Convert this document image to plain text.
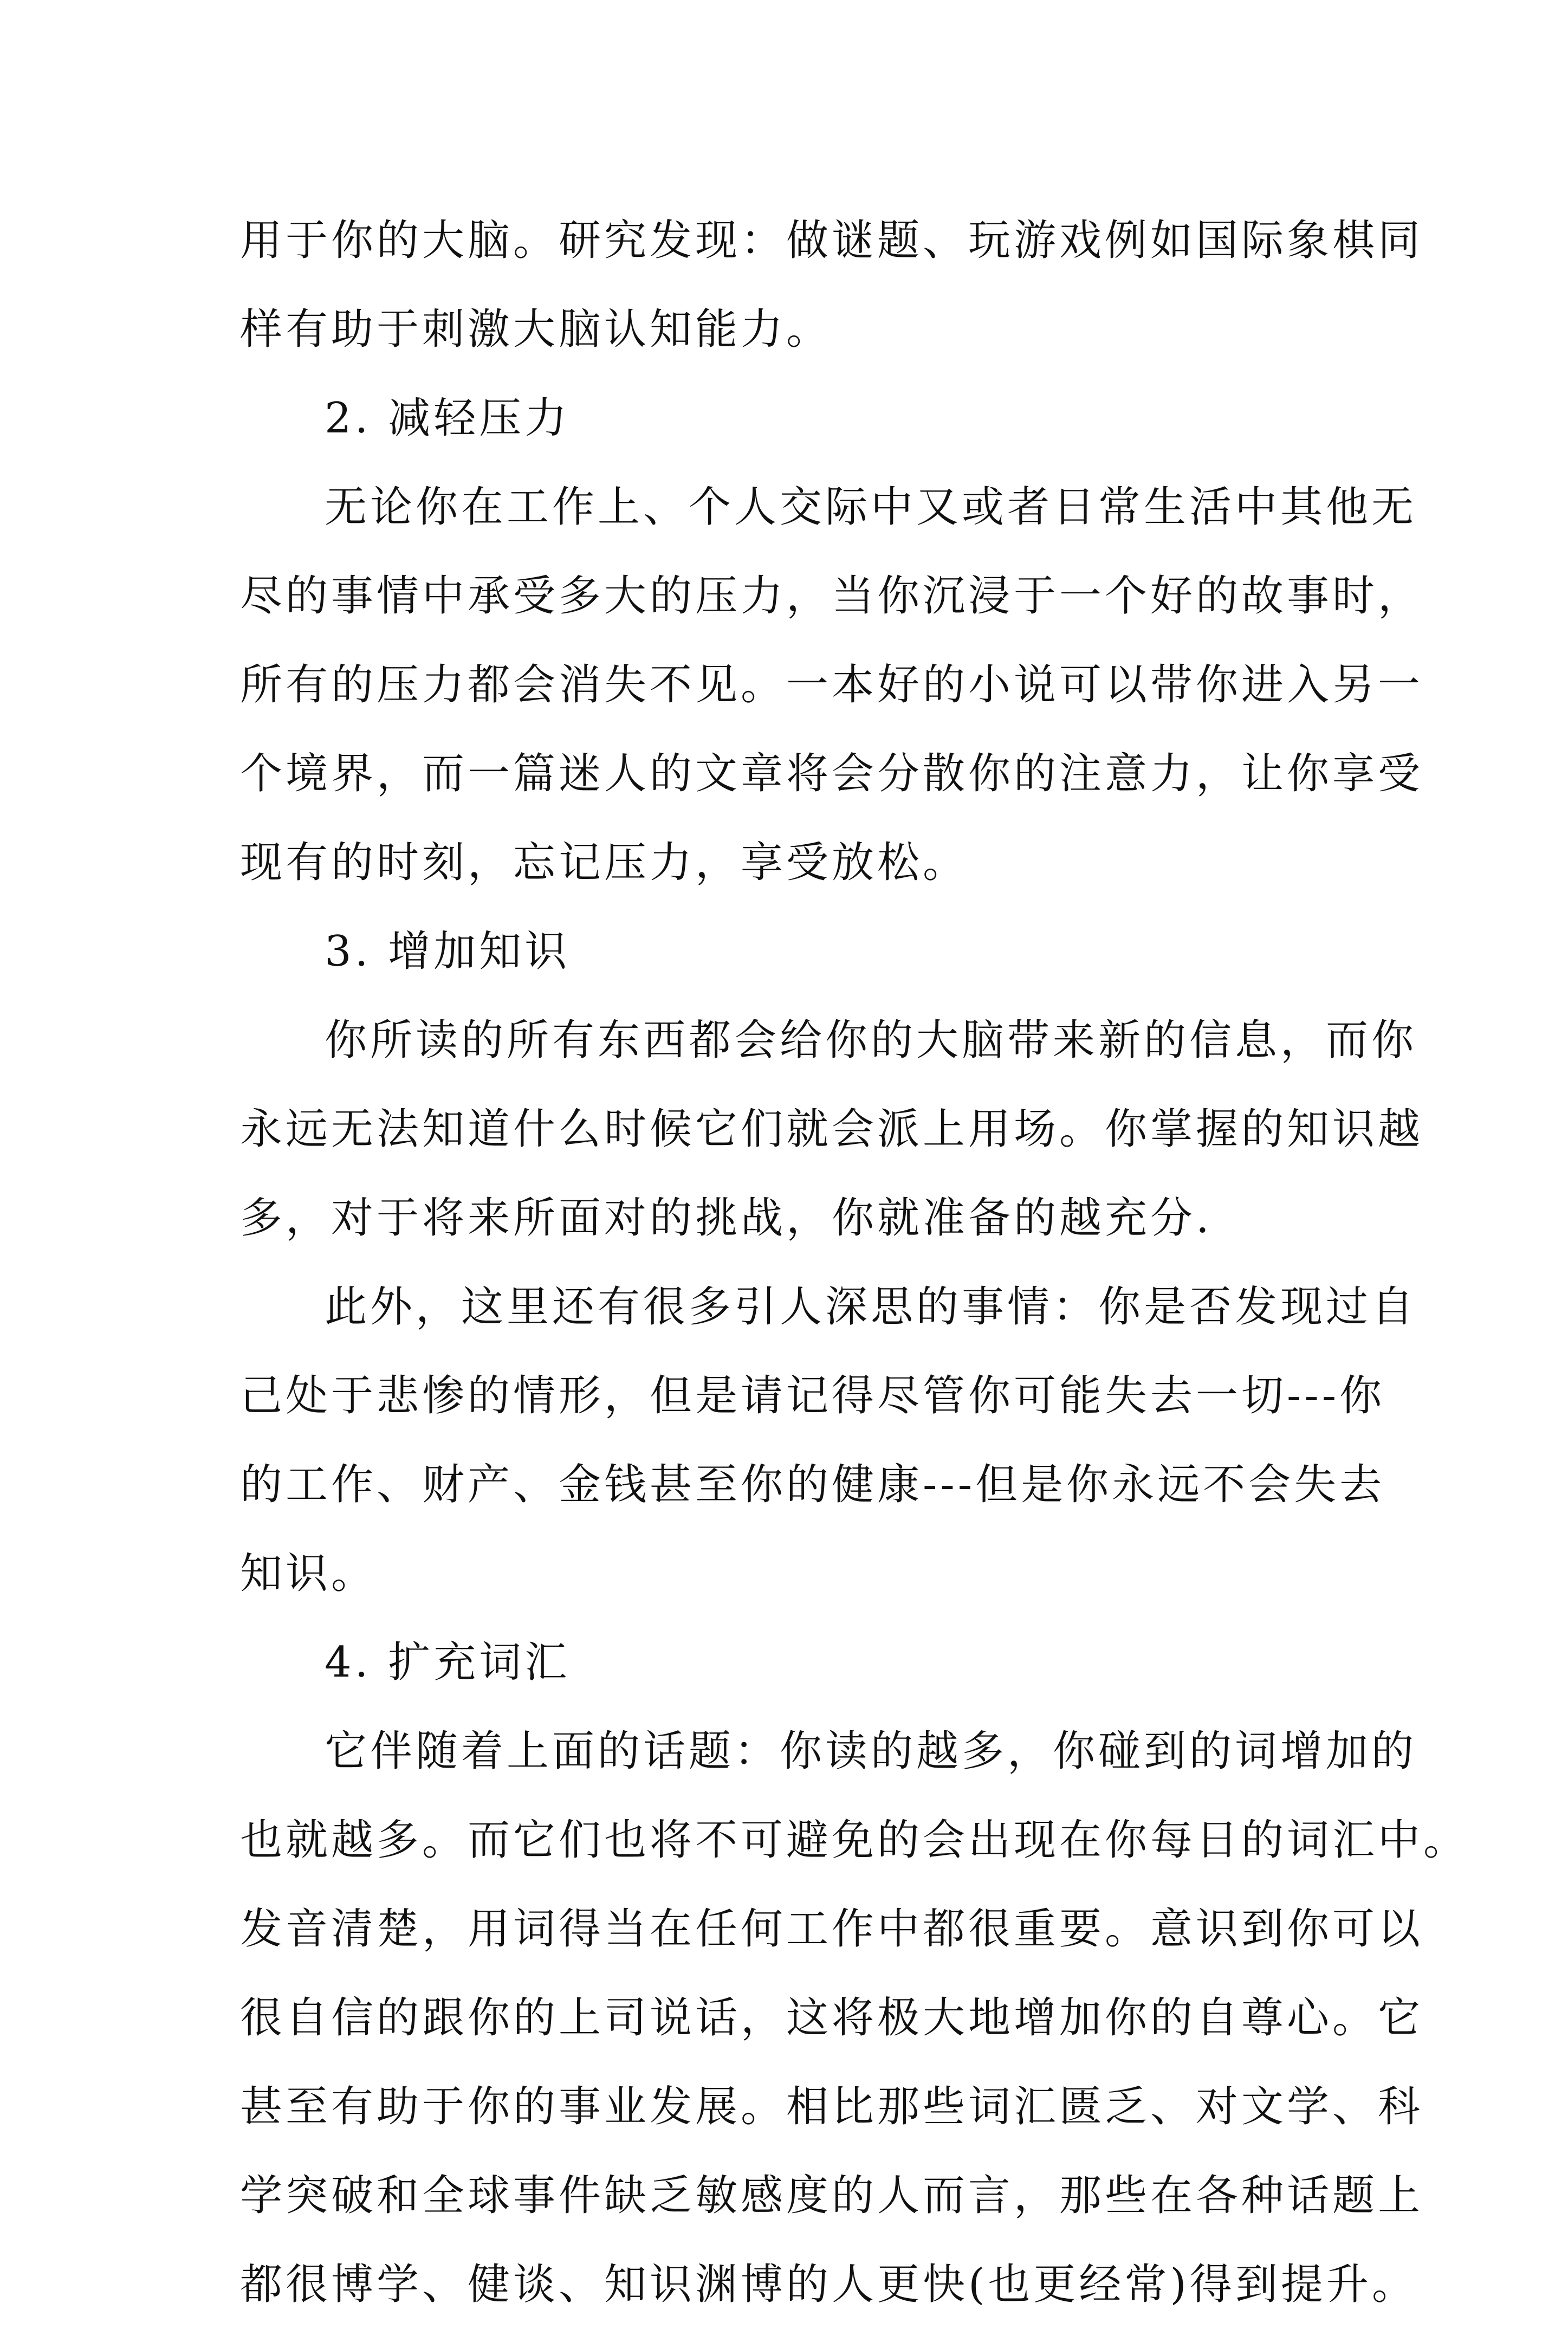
用于你的大脑。研究发现：做谜题、玩游戏例如国际象棋同
样有助于刺激大脑认知能力。
2. 减轻压力
无论你在工作上、个人交际中又或者日常生活中其他无
尽的事情中承受多大的压力，当你沉浸于一个好的故事时，
所有的压力都会消失不见。一本好的小说可以带你进入另一
个境界，而一篇迷人的文章将会分散你的注意力，让你享受
现有的时刻，忘记压力，享受放松。
3. 增加知识
你所读的所有东西都会给你的大脑带来新的信息，而你
永远无法知道什么时候它们就会派上用场。你掌握的知识越
多，对于将来所面对的挑战，你就准备的越充分.
此外，这里还有很多引人深思的事情：你是否发现过自
己处于悲惨的情形，但是请记得尽管你可能失去一切---你
的工作、财产、金钱甚至你的健康---但是你永远不会失去
知识。
4. 扩充词汇
它伴随着上面的话题：你读的越多，你碰到的词增加的
也就越多。而它们也将不可避免的会出现在你每日的词汇中。
发音清楚，用词得当在任何工作中都很重要。意识到你可以
很自信的跟你的上司说话，这将极大地增加你的自尊心。它
甚至有助于你的事业发展。相比那些词汇匮乏、对文学、科
学突破和全球事件缺乏敏感度的人而言，那些在各种话题上
都很博学、健谈、知识渊博的人更快(也更经常)得到提升。
